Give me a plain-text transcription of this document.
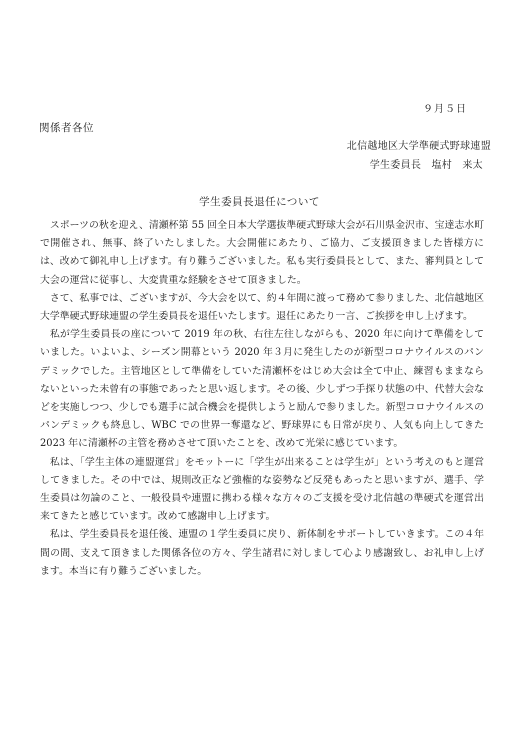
９月５日
関係者各位
北信越地区大学準硬式野球連盟
学生委員長　塩村　来太
学生委員長退任について

スポーツの秋を迎え、清瀬杯第 55 回全日本大学選抜準硬式野球大会が石川県金沢市、宝達志水町で開催され、無事、終了いたしました。大会開催にあたり、ご協力、ご支援頂きました皆様方には、改めて御礼申し上げます。有り難うございました。私も実行委員長として、また、審判員として大会の運営に従事し、大変貴重な経験をさせて頂きました。

さて、私事では、ございますが、今大会を以て、約４年間に渡って務めて参りました、北信越地区大学準硬式野球連盟の学生委員長を退任いたします。退任にあたり一言、ご挨拶を申し上げます。

私が学生委員長の座について 2019 年の秋、右往左往しながらも、2020 年に向けて準備をしていました。いよいよ、シーズン開幕という 2020 年３月に発生したのが新型コロナウイルスのパンデミックでした。主管地区として準備をしていた清瀬杯をはじめ大会は全て中止、練習もままならないといった未曾有の事態であったと思い返します。その後、少しずつ手探り状態の中、代替大会などを実施しつつ、少しでも選手に試合機会を提供しようと励んで参りました。新型コロナウイルスのパンデミックも終息し、WBC での世界一奪還など、野球界にも日常が戻り、人気も向上してきた 2023 年に清瀬杯の主管を務めさせて頂いたことを、改めて光栄に感じています。

私は、「学生主体の連盟運営」をモットーに「学生が出来ることは学生が」という考えのもと運営してきました。その中では、規則改正など強権的な姿勢など反発もあったと思いますが、選手、学生委員は勿論のこと、一般役員や連盟に携わる様々な方々のご支援を受け北信越の準硬式を運営出来てきたと感じています。改めて感謝申し上げます。

私は、学生委員長を退任後、連盟の１学生委員に戻り、新体制をサポートしていきます。この４年間の間、支えて頂きました関係各位の方々、学生諸君に対しまして心より感謝致し、お礼申し上げます。本当に有り難うございました。
